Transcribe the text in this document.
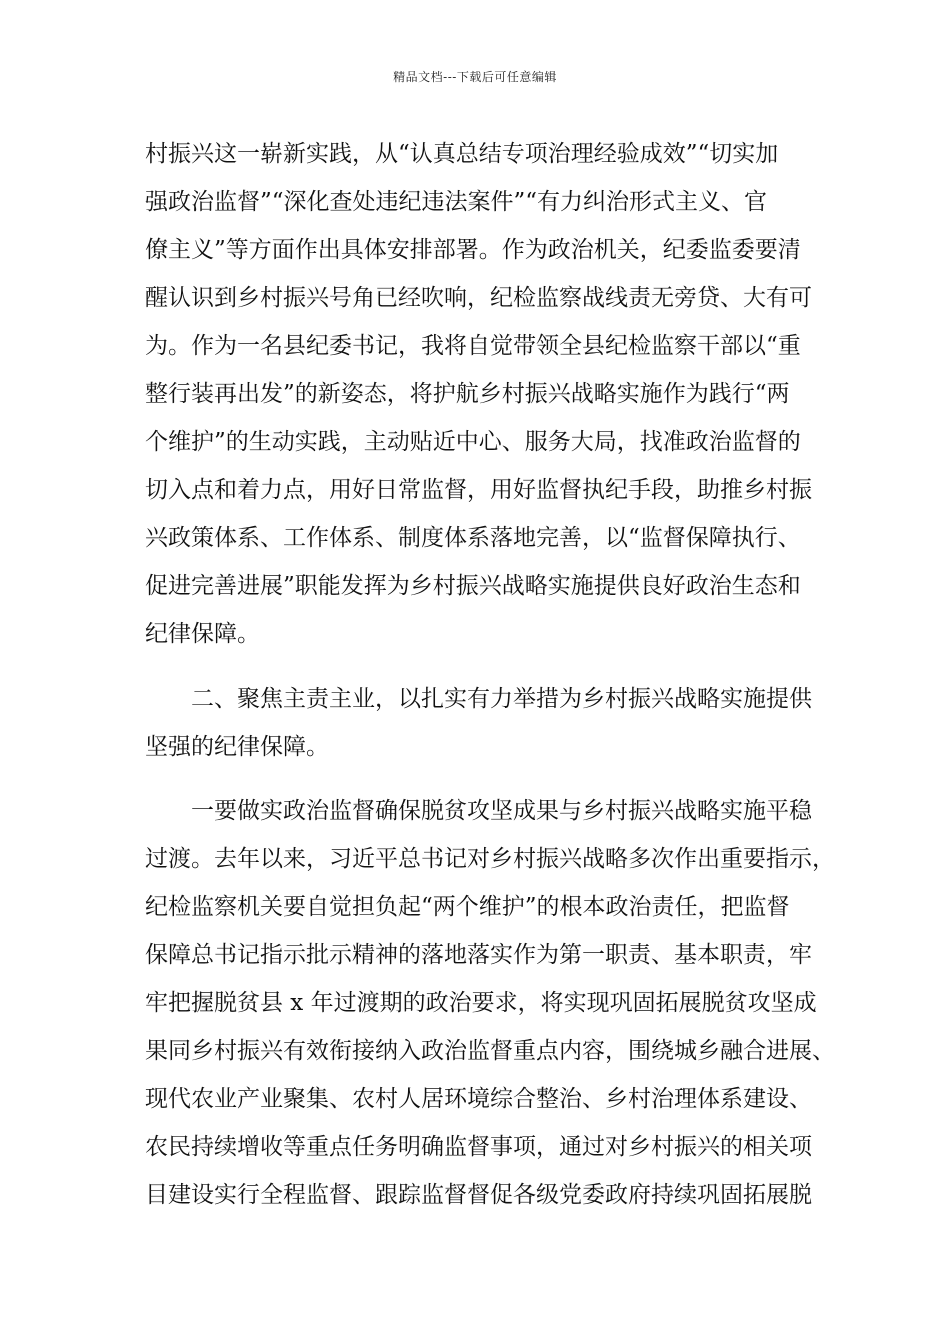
精品文档---下载后可任意编辑
村振兴这一崭新实践，从“认真总结专项治理经验成效”“切实加
强政治监督”“深化查处违纪违法案件”“有力纠治形式主义、官
僚主义”等方面作出具体安排部署。作为政治机关，纪委监委要清
醒认识到乡村振兴号角已经吹响，纪检监察战线责无旁贷、大有可
为。作为一名县纪委书记，我将自觉带领全县纪检监察干部以“重
整行装再出发”的新姿态，将护航乡村振兴战略实施作为践行“两
个维护”的生动实践，主动贴近中心、服务大局，找准政治监督的
切入点和着力点，用好日常监督，用好监督执纪手段，助推乡村振
兴政策体系、工作体系、制度体系落地完善，以“监督保障执行、
促进完善进展”职能发挥为乡村振兴战略实施提供良好政治生态和
纪律保障。
二、聚焦主责主业，以扎实有力举措为乡村振兴战略实施提供
坚强的纪律保障。
一要做实政治监督确保脱贫攻坚成果与乡村振兴战略实施平稳
过渡。去年以来，习近平总书记对乡村振兴战略多次作出重要指示，
纪检监察机关要自觉担负起“两个维护”的根本政治责任，把监督
保障总书记指示批示精神的落地落实作为第一职责、基本职责，牢
牢把握脱贫县 x 年过渡期的政治要求，将实现巩固拓展脱贫攻坚成
果同乡村振兴有效衔接纳入政治监督重点内容，围绕城乡融合进展、
现代农业产业聚集、农村人居环境综合整治、乡村治理体系建设、
农民持续增收等重点任务明确监督事项，通过对乡村振兴的相关项
目建设实行全程监督、跟踪监督督促各级党委政府持续巩固拓展脱
